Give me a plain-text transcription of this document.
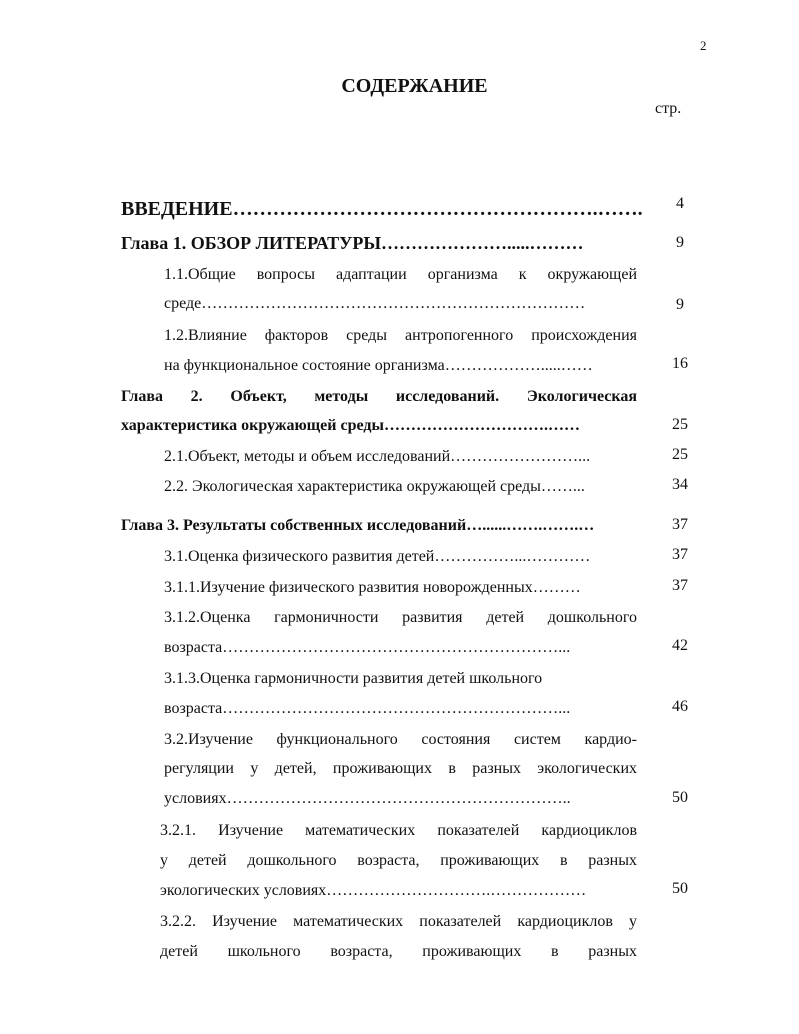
2
СОДЕРЖАНИЕ
стр.
ВВЕДЕНИЕ……………………………………………….…….	4
Глава 1. ОБЗОР ЛИТЕРАТУРЫ………………….....………	9
1.1.Общие вопросы адаптации организма к окружающей
среде………………………………………………………………	9
1.2.Влияние факторов среды антропогенного происхождения
на функциональное состояние организма……………….....……	16
Глава 2. Объект, методы исследований. Экологическая
характеристика окружающей среды………………………….……	25
2.1.Объект, методы и объем исследований……………………...	25
2.2. Экологическая характеристика окружающей среды……...	34
Глава 3. Результаты собственных исследований…......…….…….…	37
3.1.Оценка физического развития детей……………...…………	37
3.1.1.Изучение физического развития новорожденных………	37
3.1.2.Оценка гармоничности развития детей дошкольного
возраста………………………………………………………...	42
3.1.3.Оценка гармоничности развития детей школьного
возраста………………………………………………………...	46
3.2.Изучение функционального состояния систем кардио-
регуляции у детей, проживающих в разных экологических
условиях………………………………………………………..	50
3.2.1. Изучение математических показателей кардиоциклов
у детей дошкольного возраста, проживающих в разных
экологических условиях………………………….………………	50
3.2.2. Изучение математических показателей кардиоциклов у
детей школьного возраста, проживающих в разных
